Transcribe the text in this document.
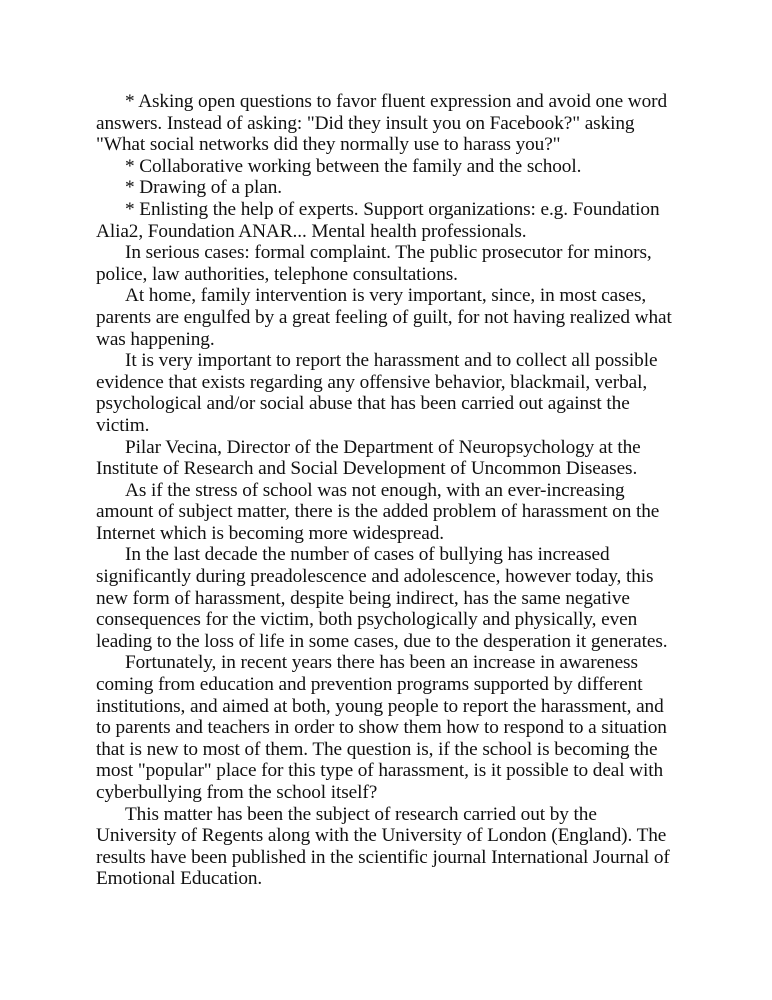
* Asking open questions to favor fluent expression and avoid one word answers. Instead of asking: "Did they insult you on Facebook?" asking "What social networks did they normally use to harass you?"

* Collaborative working between the family and the school.

* Drawing of a plan.

* Enlisting the help of experts. Support organizations: e.g. Foundation Alia2, Foundation ANAR... Mental health professionals.

In serious cases: formal complaint. The public prosecutor for minors, police, law authorities, telephone consultations.

At home, family intervention is very important, since, in most cases, parents are engulfed by a great feeling of guilt, for not having realized what was happening.

It is very important to report the harassment and to collect all possible evidence that exists regarding any offensive behavior, blackmail, verbal, psychological and/or social abuse that has been carried out against the victim.

Pilar Vecina, Director of the Department of Neuropsychology at the Institute of Research and Social Development of Uncommon Diseases.

As if the stress of school was not enough, with an ever-increasing amount of subject matter, there is the added problem of harassment on the Internet which is becoming more widespread.

In the last decade the number of cases of bullying has increased significantly during preadolescence and adolescence, however today, this new form of harassment, despite being indirect, has the same negative consequences for the victim, both psychologically and physically, even leading to the loss of life in some cases, due to the desperation it generates.

Fortunately, in recent years there has been an increase in awareness coming from education and prevention programs supported by different institutions, and aimed at both, young people to report the harassment, and to parents and teachers in order to show them how to respond to a situation that is new to most of them. The question is, if the school is becoming the most "popular" place for this type of harassment, is it possible to deal with cyberbullying from the school itself?

This matter has been the subject of research carried out by the University of Regents along with the University of London (England). The results have been published in the scientific journal International Journal of Emotional Education.
